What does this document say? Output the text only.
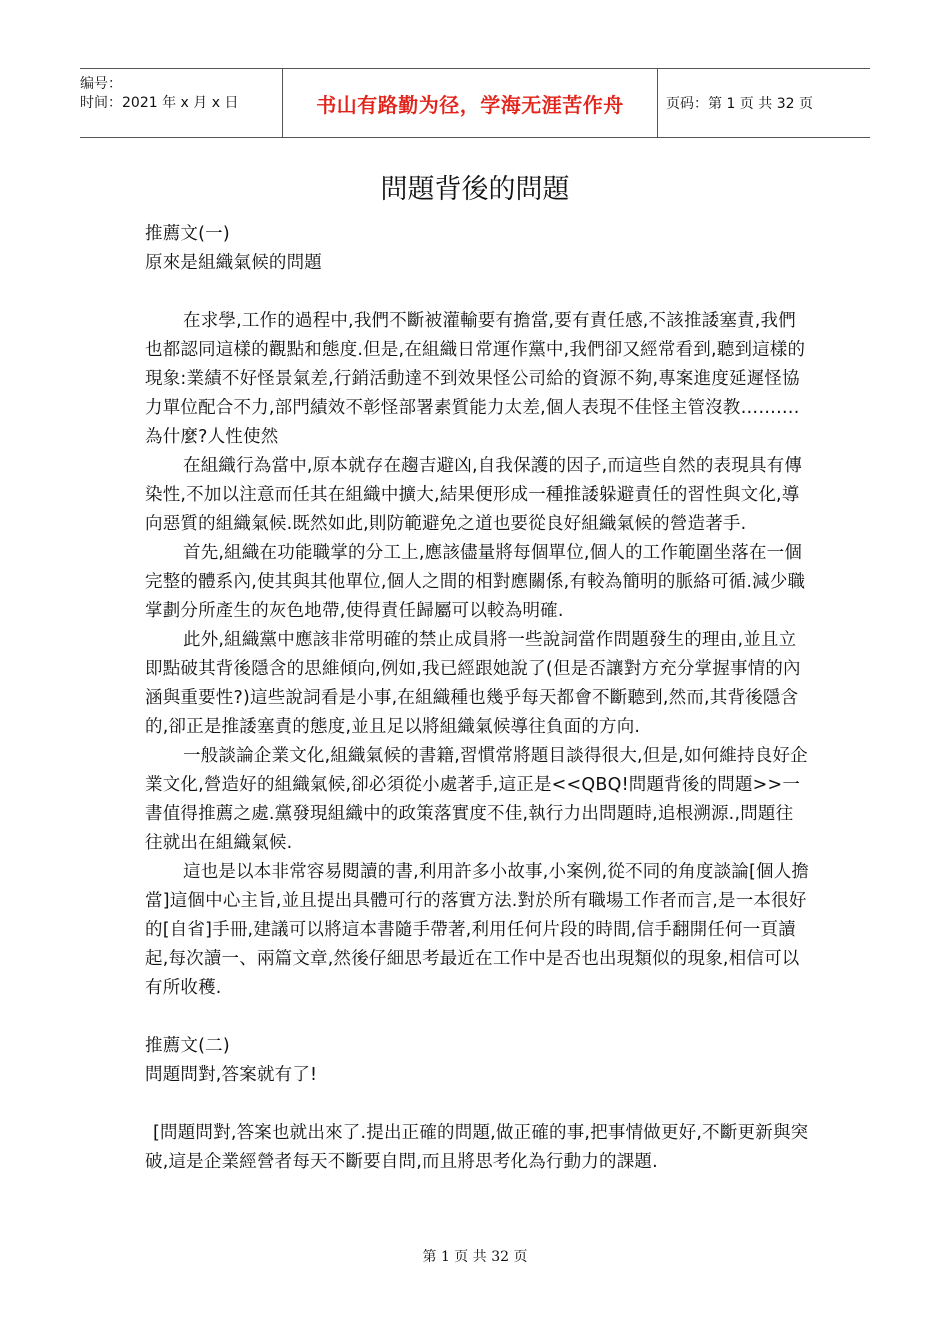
编号：
时间：2021 年 x 月 x 日	书山有路勤为径，学海无涯苦作舟	页码：第 1 页 共 32 页
問題背後的問題

推薦文(一)

原來是組織氣候的問題

在求學,工作的過程中,我們不斷被灌輸要有擔當,要有責任感,不該推諉塞責,我們也都認同這樣的觀點和態度.但是,在組織日常運作黨中,我們卻又經常看到,聽到這樣的現象:業績不好怪景氣差,行銷活動達不到效果怪公司給的資源不夠,專案進度延遲怪協力單位配合不力,部門績效不彰怪部署素質能力太差,個人表現不佳怪主管沒教……….為什麼?人性使然

在組織行為當中,原本就存在趨吉避凶,自我保護的因子,而這些自然的表現具有傳染性,不加以注意而任其在組織中擴大,結果便形成一種推諉躲避責任的習性與文化,導向惡質的組織氣候.既然如此,則防範避免之道也要從良好組織氣候的營造著手.

首先,組織在功能職掌的分工上,應該儘量將每個單位,個人的工作範圍坐落在一個完整的體系內,使其與其他單位,個人之間的相對應關係,有較為簡明的脈絡可循.減少職掌劃分所產生的灰色地帶,使得責任歸屬可以較為明確.

此外,組織黨中應該非常明確的禁止成員將一些說詞當作問題發生的理由,並且立即點破其背後隱含的思維傾向,例如,我已經跟她說了(但是否讓對方充分掌握事情的內涵與重要性?)這些說詞看是小事,在組織種也幾乎每天都會不斷聽到,然而,其背後隱含的,卻正是推諉塞責的態度,並且足以將組織氣候導往負面的方向.

一般談論企業文化,組織氣候的書籍,習慣常將題目談得很大,但是,如何維持良好企業文化,營造好的組織氣候,卻必須從小處著手,這正是<<QBQ!問題背後的問題>>一書值得推薦之處.黨發現組織中的政策落實度不佳,執行力出問題時,追根溯源.,問題往往就出在組織氣候.

這也是以本非常容易閱讀的書,利用許多小故事,小案例,從不同的角度談論[個人擔當]這個中心主旨,並且提出具體可行的落實方法.對於所有職場工作者而言,是一本很好的[自省]手冊,建議可以將這本書隨手帶著,利用任何片段的時間,信手翻開任何一頁讀起,每次讀一、兩篇文章,然後仔細思考最近在工作中是否也出現類似的現象,相信可以有所收穫.

推薦文(二)

問題問對,答案就有了!

[問題問對,答案也就出來了.提出正確的問題,做正確的事,把事情做更好,不斷更新與突破,這是企業經營者每天不斷要自問,而且將思考化為行動力的課題.

第 1 页 共 32 页
